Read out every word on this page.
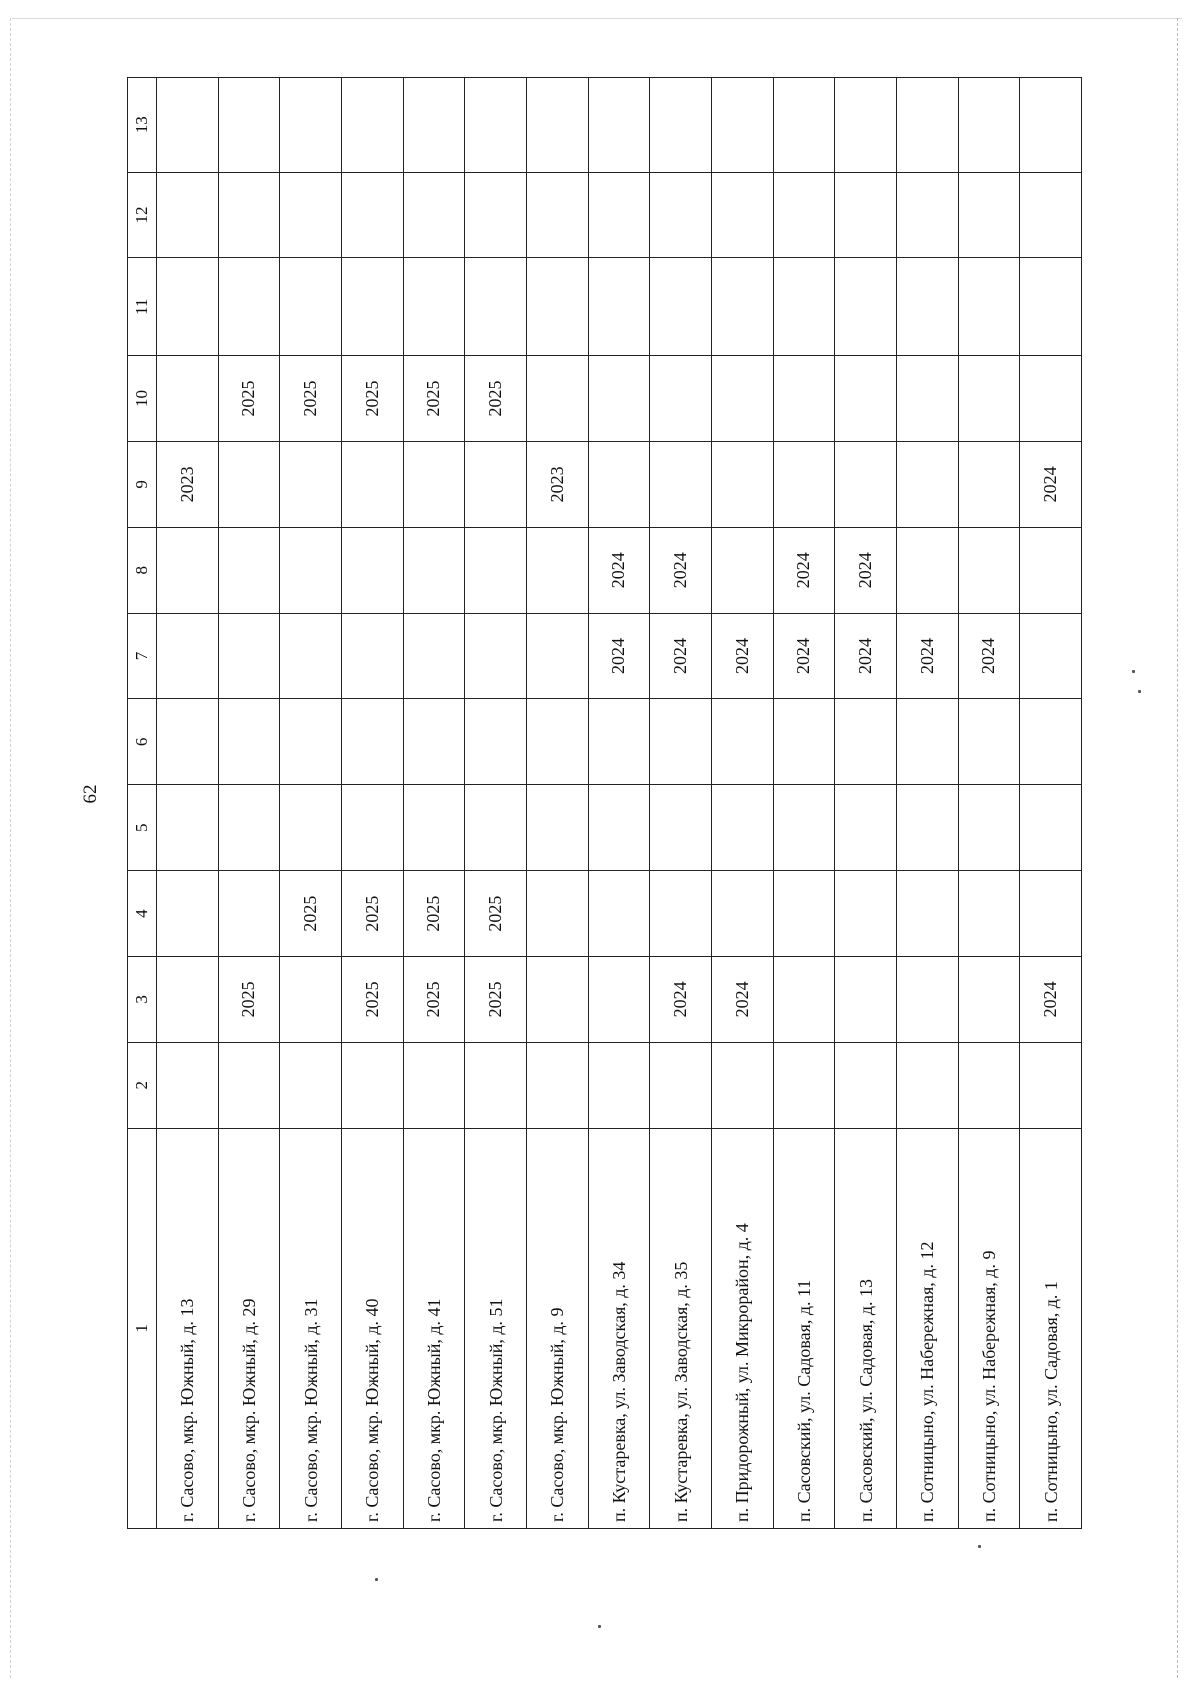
62
1	2	3	4	5	6	7	8	9	10	11	12	13
г. Сасово, мкр. Южный, д. 13								2023				
г. Сасово, мкр. Южный, д. 29		2025							2025			
г. Сасово, мкр. Южный, д. 31			2025						2025			
г. Сасово, мкр. Южный, д. 40		2025	2025						2025			
г. Сасово, мкр. Южный, д. 41		2025	2025						2025			
г. Сасово, мкр. Южный, д. 51		2025	2025						2025			
г. Сасово, мкр. Южный, д. 9								2023				
п. Кустаревка, ул. Заводская, д. 34						2024	2024					
п. Кустаревка, ул. Заводская, д. 35		2024				2024	2024					
п. Придорожный, ул. Микрорайон, д. 4		2024				2024						
п. Сасовский, ул. Садовая, д. 11						2024	2024					
п. Сасовский, ул. Садовая, д. 13						2024	2024					
п. Сотницыно, ул. Набережная, д. 12						2024						
п. Сотницыно, ул. Набережная, д. 9						2024						
п. Сотницыно, ул. Садовая, д. 1		2024						2024				
